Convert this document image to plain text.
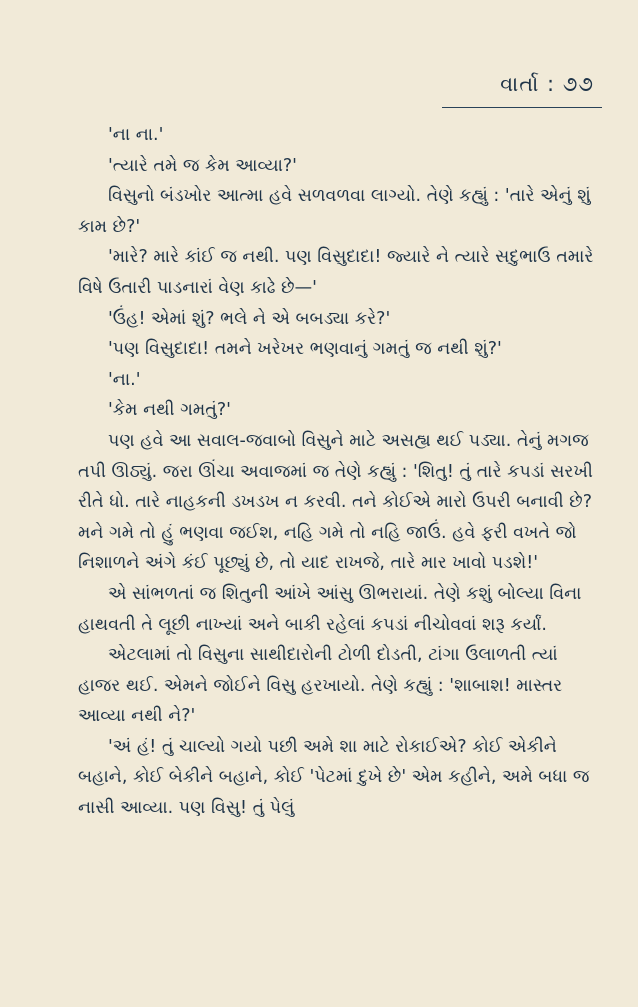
વાર્તા : ૭૭

'ના ના.'

'ત્યારે તમે જ કેમ આવ્યા?'

વિસુનો બંડખોર આત્મા હવે સળવળવા લાગ્યો. તેણે કહ્યું : 'તારે એનું શું કામ છે?'

'મારે? મારે કાંઈ જ નથી. પણ વિસુદાદા! જ્યારે ને ત્યારે સદુભાઉ તમારે વિષે ઉતારી પાડનારાં વેણ કાઢે છે—'

'ઉંહ! એમાં શું? ભલે ને એ બબડ્યા કરે?'

'પણ વિસુદાદા! તમને ખરેખર ભણવાનું ગમતું જ નથી શું?'

'ના.'

'કેમ નથી ગમતું?'

પણ હવે આ સવાલ-જવાબો વિસુને માટે અસહ્ય થઈ પડ્યા. તેનું મગજ તપી ઊઠ્યું. જરા ઊંચા અવાજમાં જ તેણે કહ્યું : 'શિતુ! તું તારે કપડાં સરખી રીતે ધો. તારે નાહકની ડખડખ ન કરવી. તને કોઈએ મારો ઉપરી બનાવી છે? મને ગમે તો હું ભણવા જઈશ, નહિ ગમે તો નહિ જાઉં. હવે ફરી વખતે જો નિશાળને અંગે કંઈ પૂછ્યું છે, તો યાદ રાખજે, તારે માર ખાવો પડશે!'

એ સાંભળતાં જ શિતુની આંખે આંસુ ઊભરાયાં. તેણે કશું બોલ્યા વિના હાથવતી તે લૂછી નાખ્યાં અને બાકી રહેલાં કપડાં નીચોવવાં શરૂ કર્યાં.

એટલામાં તો વિસુના સાથીદારોની ટોળી દોડતી, ટાંગા ઉલાળતી ત્યાં હાજર થઈ. એમને જોઈને વિસુ હરખાયો. તેણે કહ્યું : 'શાબાશ! માસ્તર આવ્યા નથી ને?'

'અં હં! તું ચાલ્યો ગયો પછી અમે શા માટે રોકાઈએ? કોઈ એકીને બહાને, કોઈ બેકીને બહાને, કોઈ 'પેટમાં દુખે છે' એમ કહીને, અમે બધા જ નાસી આવ્યા. પણ વિસુ! તું પેલું
